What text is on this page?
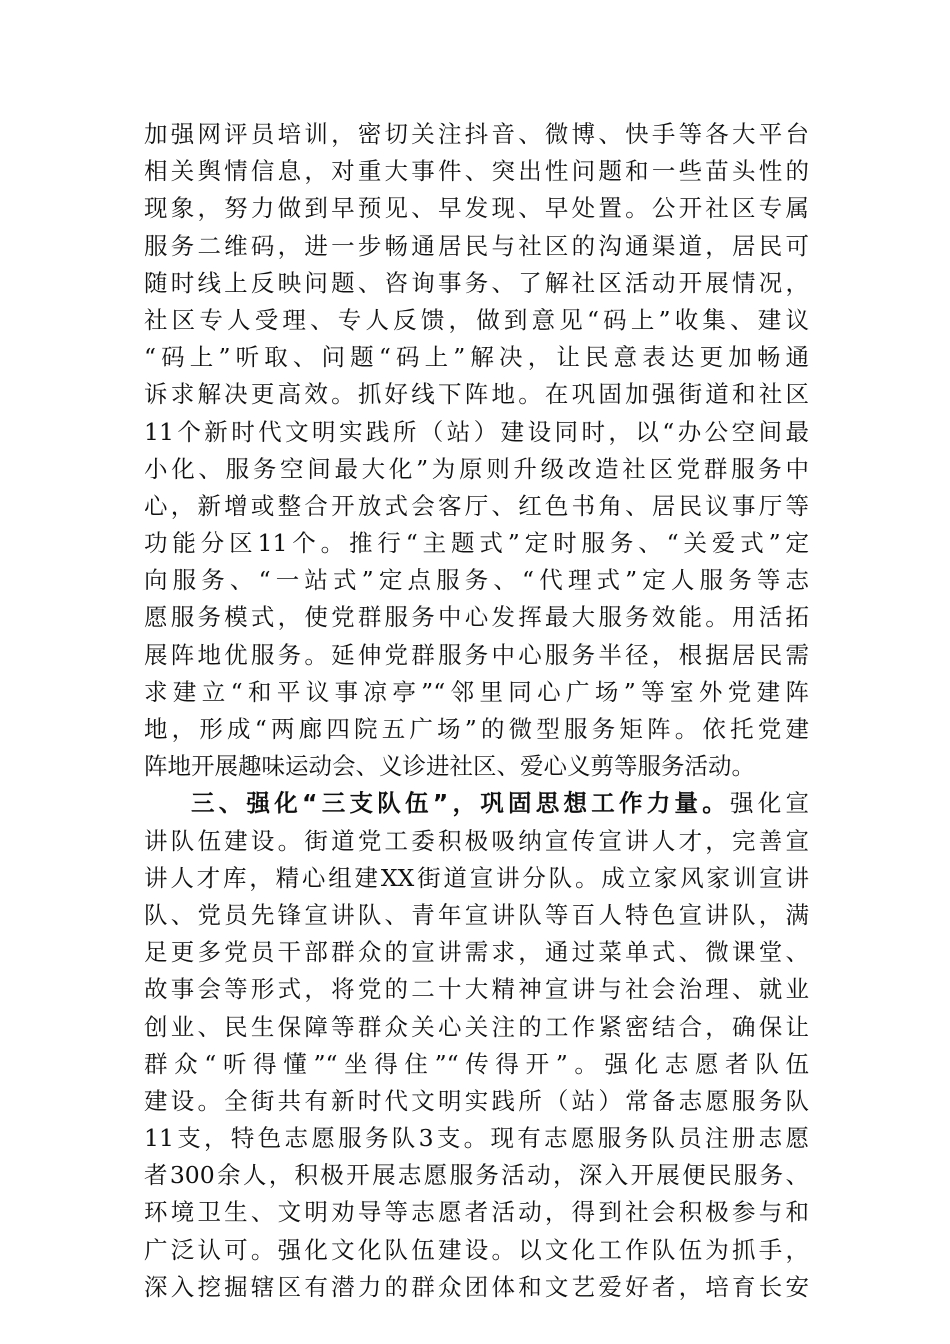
加强网评员培训，密切关注抖音、微博、快手等各大平台
相关舆情信息，对重大事件、突出性问题和一些苗头性的
现象，努力做到早预见、早发现、早处置。公开社区专属
服务二维码，进一步畅通居民与社区的沟通渠道，居民可
随时线上反映问题、咨询事务、了解社区活动开展情况，
社区专人受理、专人反馈，做到意见“码上”收集、建议
“码上”听取、问题“码上”解决，让民意表达更加畅通
诉求解决更高效。抓好线下阵地。在巩固加强街道和社区
11个新时代文明实践所（站）建设同时，以“办公空间最
小化、服务空间最大化”为原则升级改造社区党群服务中
心，新增或整合开放式会客厅、红色书角、居民议事厅等
功能分区11个。推行“主题式”定时服务、“关爱式”定
向服务、“一站式”定点服务、“代理式”定人服务等志
愿服务模式，使党群服务中心发挥最大服务效能。用活拓
展阵地优服务。延伸党群服务中心服务半径，根据居民需
求建立“和平议事凉亭”“邻里同心广场”等室外党建阵
地，形成“两廊四院五广场”的微型服务矩阵。依托党建
阵地开展趣味运动会、义诊进社区、爱心义剪等服务活动。
三、强化“三支队伍”，巩固思想工作力量。强化宣
讲队伍建设。街道党工委积极吸纳宣传宣讲人才，完善宣
讲人才库，精心组建XX街道宣讲分队。成立家风家训宣讲
队、党员先锋宣讲队、青年宣讲队等百人特色宣讲队，满
足更多党员干部群众的宣讲需求，通过菜单式、微课堂、
故事会等形式，将党的二十大精神宣讲与社会治理、就业
创业、民生保障等群众关心关注的工作紧密结合，确保让
群众“听得懂”“坐得住”“传得开”。强化志愿者队伍
建设。全街共有新时代文明实践所（站）常备志愿服务队
11支，特色志愿服务队3支。现有志愿服务队员注册志愿
者300余人，积极开展志愿服务活动，深入开展便民服务、
环境卫生、文明劝导等志愿者活动，得到社会积极参与和
广泛认可。强化文化队伍建设。以文化工作队伍为抓手，
深入挖掘辖区有潜力的群众团体和文艺爱好者，培育长安
